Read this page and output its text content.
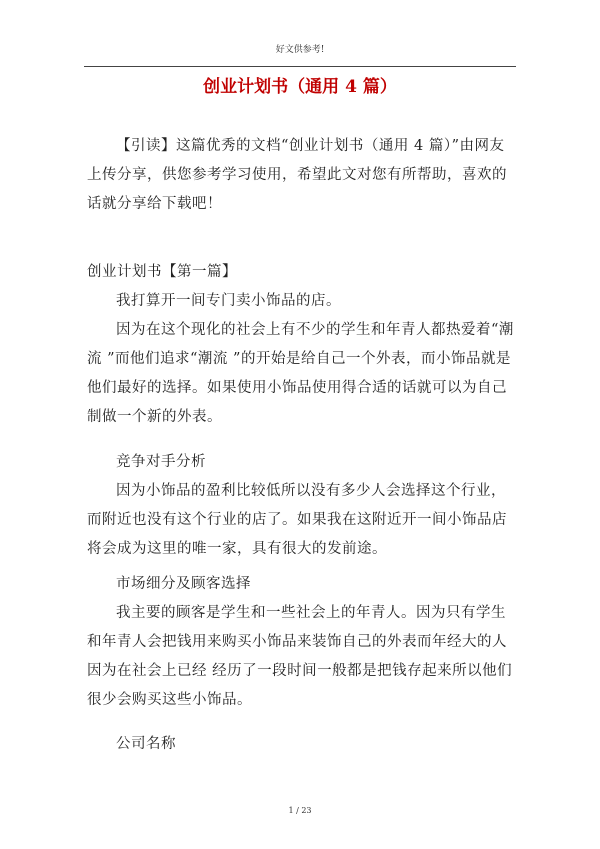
好文供参考!
创业计划书（通用 4 篇）

【引读】这篇优秀的文档“创业计划书（通用 4 篇）”由网友上传分享，供您参考学习使用，希望此文对您有所帮助，喜欢的话就分享给下载吧！

创业计划书【第一篇】

我打算开一间专门卖小饰品的店。

因为在这个现化的社会上有不少的学生和年青人都热爱着“潮流 ”而他们追求“潮流 ”的开始是给自己一个外表，而小饰品就是他们最好的选择。如果使用小饰品使用得合适的话就可以为自己制做一个新的外表。

竞争对手分析

因为小饰品的盈利比较低所以没有多少人会选择这个行业，而附近也没有这个行业的店了。如果我在这附近开一间小饰品店将会成为这里的唯一家，具有很大的发前途。

市场细分及顾客选择

我主要的顾客是学生和一些社会上的年青人。因为只有学生和年青人会把钱用来购买小饰品来装饰自己的外表而年经大的人因为在社会上已经 经历了一段时间一般都是把钱存起来所以他们很少会购买这些小饰品。

公司名称

1 / 23
